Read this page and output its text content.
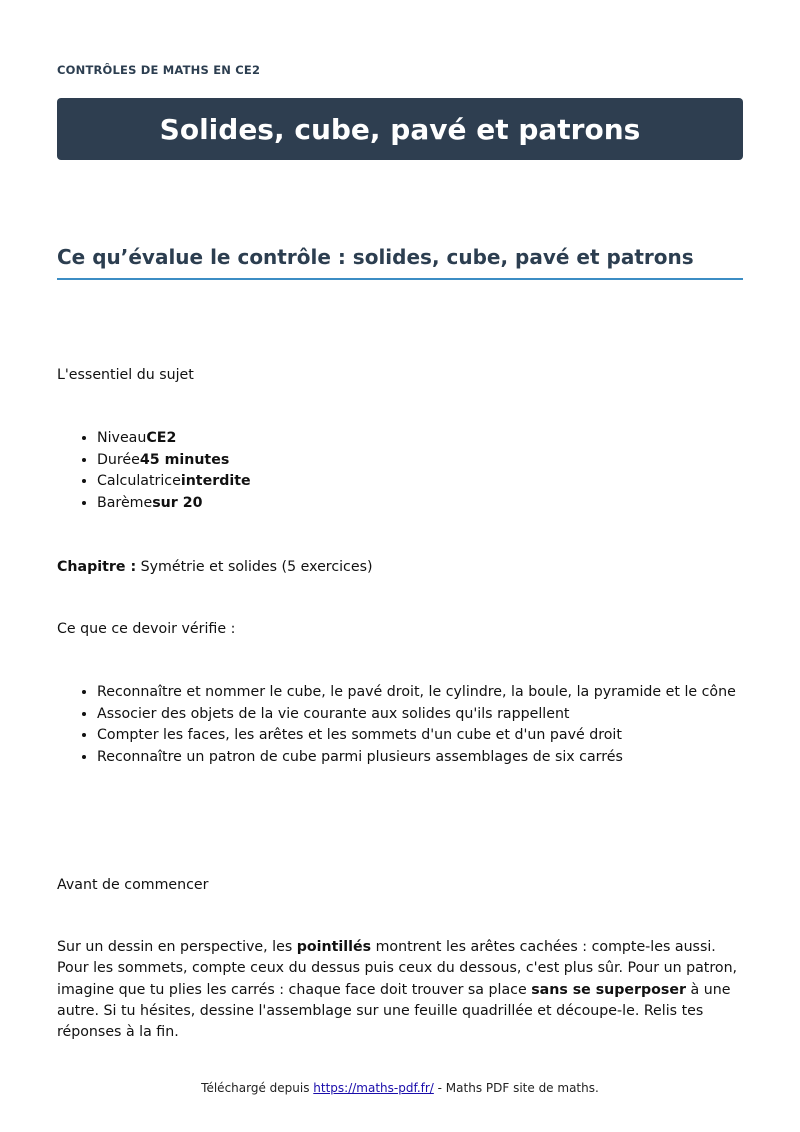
CONTRÔLES DE MATHS EN CE2
Solides, cube, pavé et patrons
Ce qu’évalue le contrôle : solides, cube, pavé et patrons
L'essentiel du sujet
• NiveauCE2
• Durée45 minutes
• Calculatriceinterdite
• Barèmesur 20
Chapitre : Symétrie et solides (5 exercices)
Ce que ce devoir vérifie :
• Reconnaître et nommer le cube, le pavé droit, le cylindre, la boule, la pyramide et le cône
• Associer des objets de la vie courante aux solides qu'ils rappellent
• Compter les faces, les arêtes et les sommets d'un cube et d'un pavé droit
• Reconnaître un patron de cube parmi plusieurs assemblages de six carrés
Avant de commencer
Sur un dessin en perspective, les pointillés montrent les arêtes cachées : compte-les aussi. Pour les sommets, compte ceux du dessus puis ceux du dessous, c'est plus sûr. Pour un patron, imagine que tu plies les carrés : chaque face doit trouver sa place sans se superposer à une autre. Si tu hésites, dessine l'assemblage sur une feuille quadrillée et découpe-le. Relis tes réponses à la fin.
Téléchargé depuis https://maths-pdf.fr/ - Maths PDF site de maths.
